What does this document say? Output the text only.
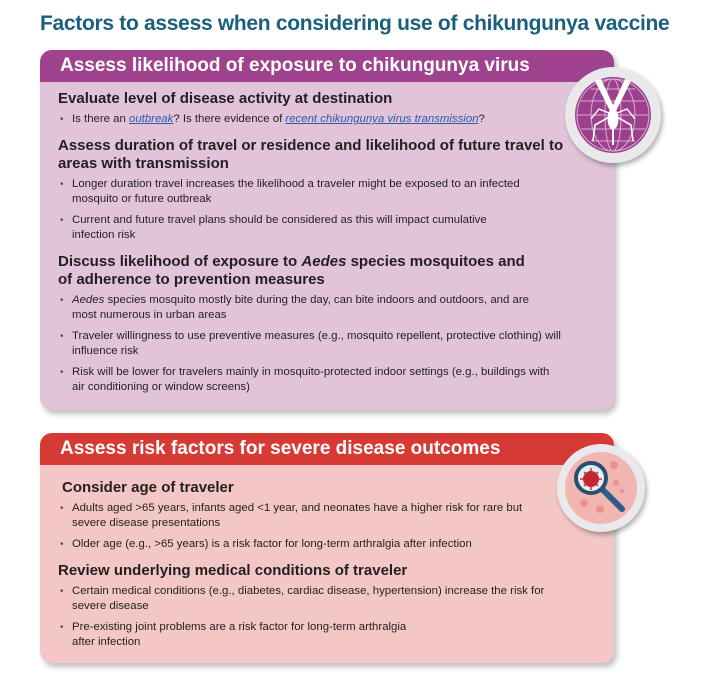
Factors to assess when considering use of chikungunya vaccine
Assess likelihood of exposure to chikungunya virus
Evaluate level of disease activity at destination
• Is there an outbreak? Is there evidence of recent chikungunya virus transmission?
Assess duration of travel or residence and likelihood of future travel to areas with transmission
• Longer duration travel increases the likelihood a traveler might be exposed to an infected mosquito or future outbreak
• Current and future travel plans should be considered as this will impact cumulative infection risk
Discuss likelihood of exposure to Aedes species mosquitoes and of adherence to prevention measures
• Aedes species mosquito mostly bite during the day, can bite indoors and outdoors, and are most numerous in urban areas
• Traveler willingness to use preventive measures (e.g., mosquito repellent, protective clothing) will influence risk
• Risk will be lower for travelers mainly in mosquito-protected indoor settings (e.g., buildings with air conditioning or window screens)
Assess risk factors for severe disease outcomes
Consider age of traveler
• Adults aged >65 years, infants aged <1 year, and neonates have a higher risk for rare but severe disease presentations
• Older age (e.g., >65 years) is a risk factor for long-term arthralgia after infection
Review underlying medical conditions of traveler
• Certain medical conditions (e.g., diabetes, cardiac disease, hypertension) increase the risk for severe disease
• Pre-existing joint problems are a risk factor for long-term arthralgia after infection
